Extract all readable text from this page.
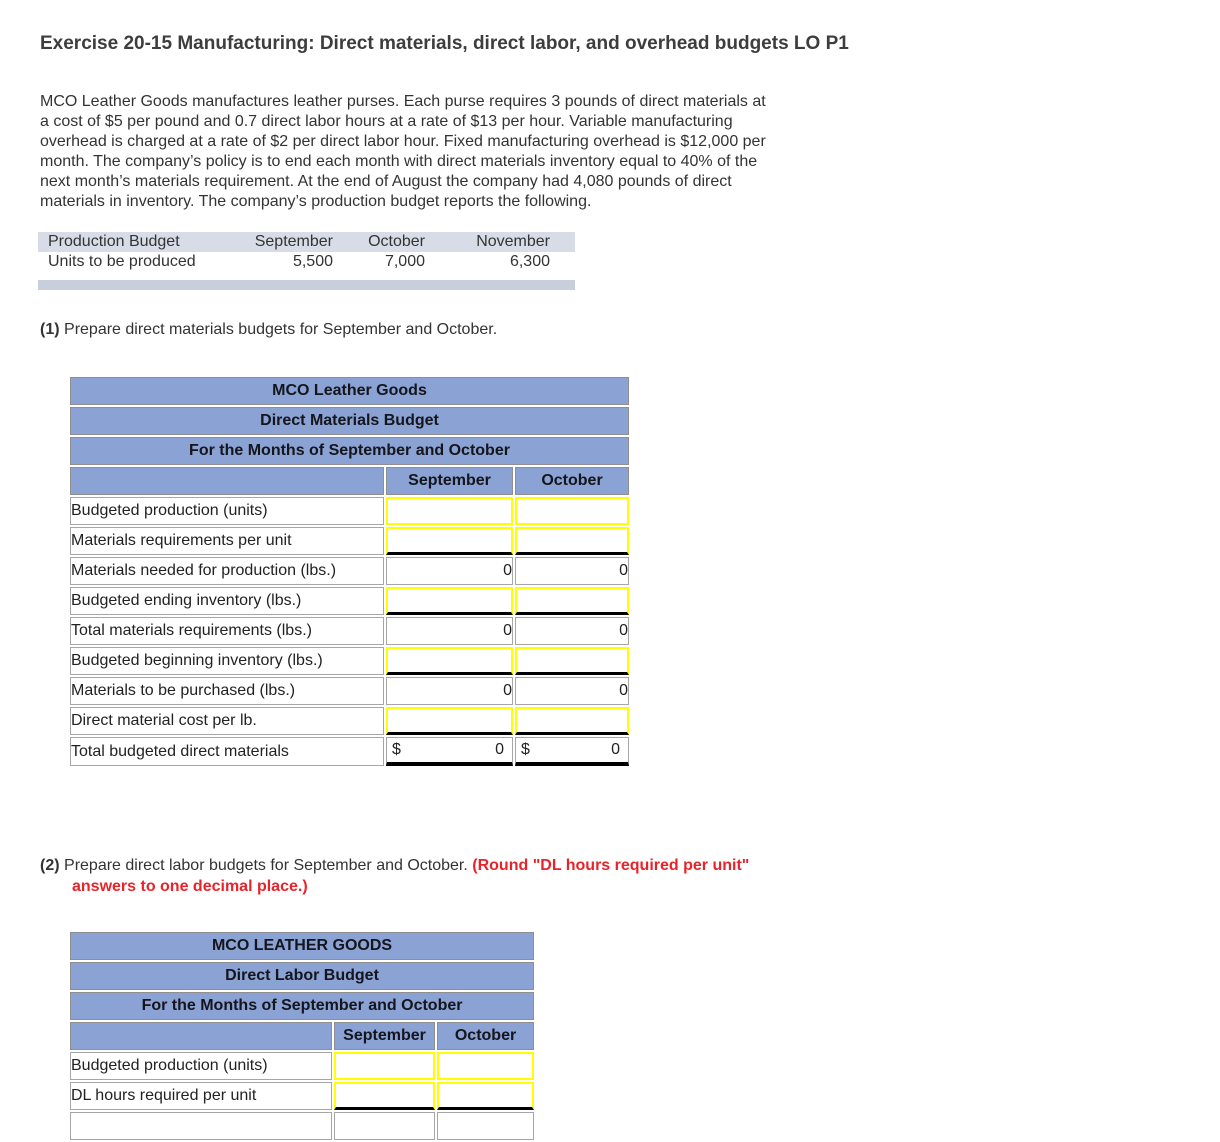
Exercise 20-15 Manufacturing: Direct materials, direct labor, and overhead budgets LO P1
MCO Leather Goods manufactures leather purses. Each purse requires 3 pounds of direct materials at
a cost of $5 per pound and 0.7 direct labor hours at a rate of $13 per hour. Variable manufacturing
overhead is charged at a rate of $2 per direct labor hour. Fixed manufacturing overhead is $12,000 per
month. The company’s policy is to end each month with direct materials inventory equal to 40% of the
next month’s materials requirement. At the end of August the company had 4,080 pounds of direct
materials in inventory. The company’s production budget reports the following.
Production Budget	September	October	November
Units to be produced	5,500	7,000	6,300
(1) Prepare direct materials budgets for September and October.
MCO Leather Goods		
Direct Materials Budget		
For the Months of September and October		
	September	October
Budgeted production (units)		
Materials requirements per unit		
Materials needed for production (lbs.)	0	0
Budgeted ending inventory (lbs.)		
Total materials requirements (lbs.)	0	0
Budgeted beginning inventory (lbs.)		
Materials to be purchased (lbs.)	0	0
Direct material cost per lb.		
Total budgeted direct materials	$ 0	$ 0
(2) Prepare direct labor budgets for September and October. (Round "DL hours required per unit"
answers to one decimal place.)
MCO LEATHER GOODS		
Direct Labor Budget		
For the Months of September and October		
	September	October
Budgeted production (units)		
DL hours required per unit		
